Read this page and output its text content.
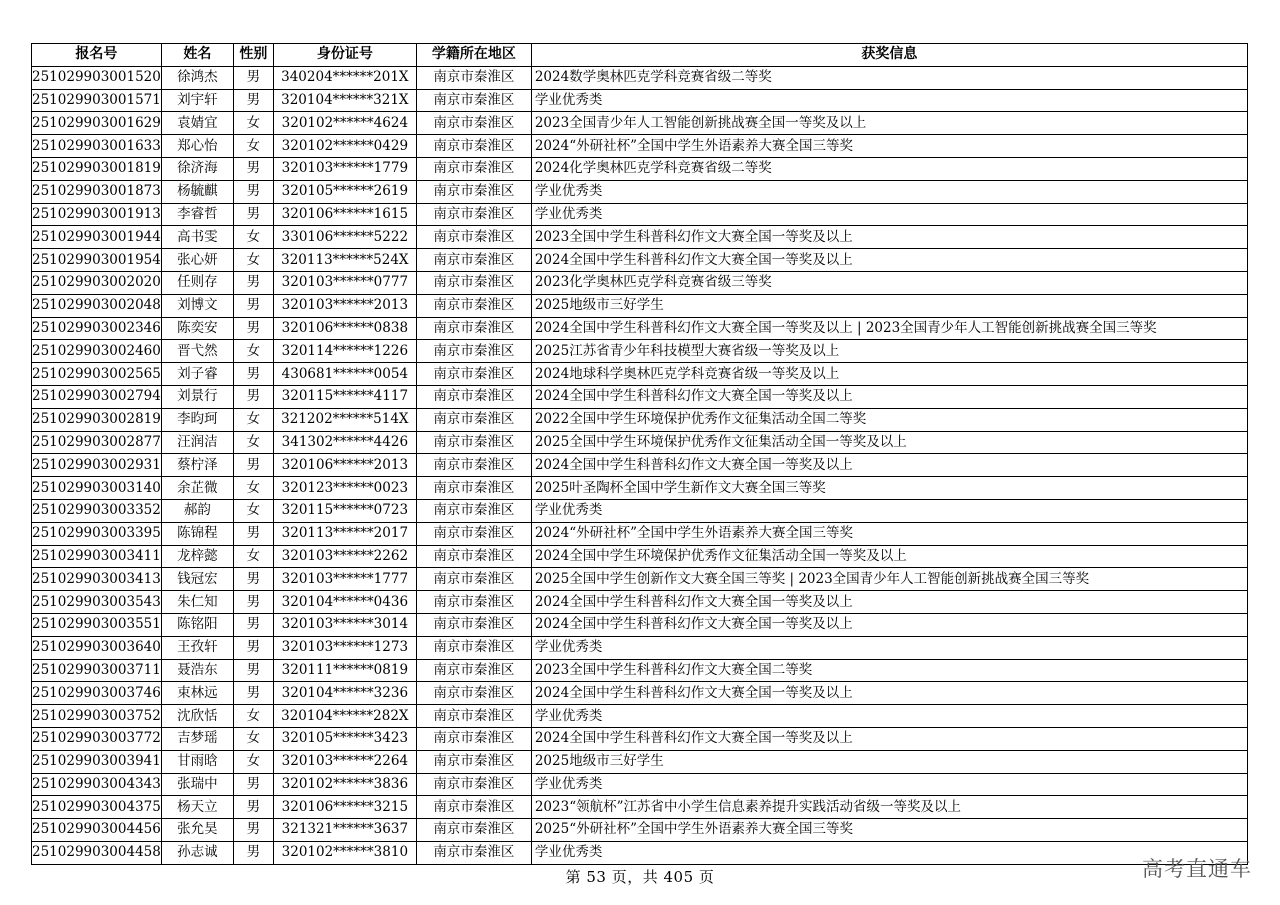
报名号	姓名	性别	身份证号	学籍所在地区	获奖信息
251029903001520	徐鸿杰	男	340204******201X	南京市秦淮区	2024数学奥林匹克学科竞赛省级二等奖
251029903001571	刘宇轩	男	320104******321X	南京市秦淮区	学业优秀类
251029903001629	袁婧宜	女	320102******4624	南京市秦淮区	2023全国青少年人工智能创新挑战赛全国一等奖及以上
251029903001633	郑心怡	女	320102******0429	南京市秦淮区	2024“外研社杯”全国中学生外语素养大赛全国三等奖
251029903001819	徐济海	男	320103******1779	南京市秦淮区	2024化学奥林匹克学科竞赛省级二等奖
251029903001873	杨毓麒	男	320105******2619	南京市秦淮区	学业优秀类
251029903001913	李睿哲	男	320106******1615	南京市秦淮区	学业优秀类
251029903001944	高书雯	女	330106******5222	南京市秦淮区	2023全国中学生科普科幻作文大赛全国一等奖及以上
251029903001954	张心妍	女	320113******524X	南京市秦淮区	2024全国中学生科普科幻作文大赛全国一等奖及以上
251029903002020	任则存	男	320103******0777	南京市秦淮区	2023化学奥林匹克学科竞赛省级三等奖
251029903002048	刘博文	男	320103******2013	南京市秦淮区	2025地级市三好学生
251029903002346	陈奕安	男	320106******0838	南京市秦淮区	2024全国中学生科普科幻作文大赛全国一等奖及以上 | 2023全国青少年人工智能创新挑战赛全国三等奖
251029903002460	晋弋然	女	320114******1226	南京市秦淮区	2025江苏省青少年科技模型大赛省级一等奖及以上
251029903002565	刘子睿	男	430681******0054	南京市秦淮区	2024地球科学奥林匹克学科竞赛省级一等奖及以上
251029903002794	刘景行	男	320115******4117	南京市秦淮区	2024全国中学生科普科幻作文大赛全国一等奖及以上
251029903002819	李昀珂	女	321202******514X	南京市秦淮区	2022全国中学生环境保护优秀作文征集活动全国二等奖
251029903002877	汪润洁	女	341302******4426	南京市秦淮区	2025全国中学生环境保护优秀作文征集活动全国一等奖及以上
251029903002931	蔡柠泽	男	320106******2013	南京市秦淮区	2024全国中学生科普科幻作文大赛全国一等奖及以上
251029903003140	余芷微	女	320123******0023	南京市秦淮区	2025叶圣陶杯全国中学生新作文大赛全国三等奖
251029903003352	郝韵	女	320115******0723	南京市秦淮区	学业优秀类
251029903003395	陈锦程	男	320113******2017	南京市秦淮区	2024“外研社杯”全国中学生外语素养大赛全国三等奖
251029903003411	龙梓懿	女	320103******2262	南京市秦淮区	2024全国中学生环境保护优秀作文征集活动全国一等奖及以上
251029903003413	钱冠宏	男	320103******1777	南京市秦淮区	2025全国中学生创新作文大赛全国三等奖 | 2023全国青少年人工智能创新挑战赛全国三等奖
251029903003543	朱仁知	男	320104******0436	南京市秦淮区	2024全国中学生科普科幻作文大赛全国一等奖及以上
251029903003551	陈铭阳	男	320103******3014	南京市秦淮区	2024全国中学生科普科幻作文大赛全国一等奖及以上
251029903003640	王孜轩	男	320103******1273	南京市秦淮区	学业优秀类
251029903003711	聂浩东	男	320111******0819	南京市秦淮区	2023全国中学生科普科幻作文大赛全国二等奖
251029903003746	束林远	男	320104******3236	南京市秦淮区	2024全国中学生科普科幻作文大赛全国一等奖及以上
251029903003752	沈欣恬	女	320104******282X	南京市秦淮区	学业优秀类
251029903003772	吉梦瑶	女	320105******3423	南京市秦淮区	2024全国中学生科普科幻作文大赛全国一等奖及以上
251029903003941	甘雨晗	女	320103******2264	南京市秦淮区	2025地级市三好学生
251029903004343	张瑞中	男	320102******3836	南京市秦淮区	学业优秀类
251029903004375	杨天立	男	320106******3215	南京市秦淮区	2023“领航杯”江苏省中小学生信息素养提升实践活动省级一等奖及以上
251029903004456	张允昊	男	321321******3637	南京市秦淮区	2025“外研社杯”全国中学生外语素养大赛全国三等奖
251029903004458	孙志诚	男	320102******3810	南京市秦淮区	学业优秀类
第 53 页，共 405 页	高考直通车
